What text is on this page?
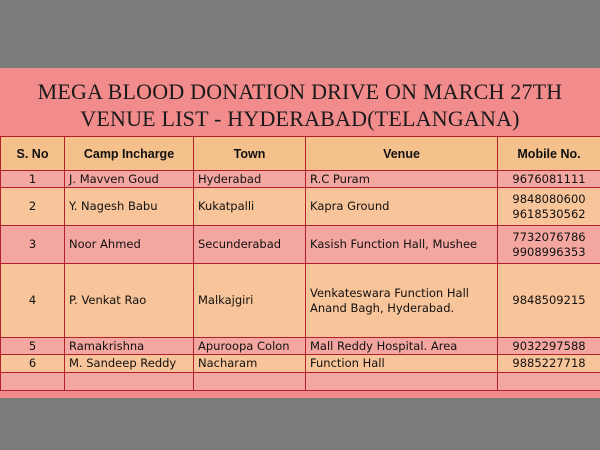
MEGA BLOOD DONATION DRIVE ON MARCH 27TH
VENUE LIST - HYDERABAD(TELANGANA)
S. No	Camp Incharge	Town	Venue	Mobile No.
1	J. Mavven Goud	Hyderabad	R.C Puram	9676081111
2	Y. Nagesh Babu	Kukatpalli	Kapra Ground	9848080600
9618530562

3	Noor Ahmed	Secunderabad	Kasish Function Hall, Mushee	7732076786
9908996353

4	P. Venkat Rao	Malkajgiri	Venkateswara Function Hall
Anand Bagh, Hyderabad.	9848509215
5	Ramakrishna	Apuroopa Colon	Mall Reddy Hospital. Area	9032297588
6	M. Sandeep Reddy	Nacharam	Function Hall	9885227718
